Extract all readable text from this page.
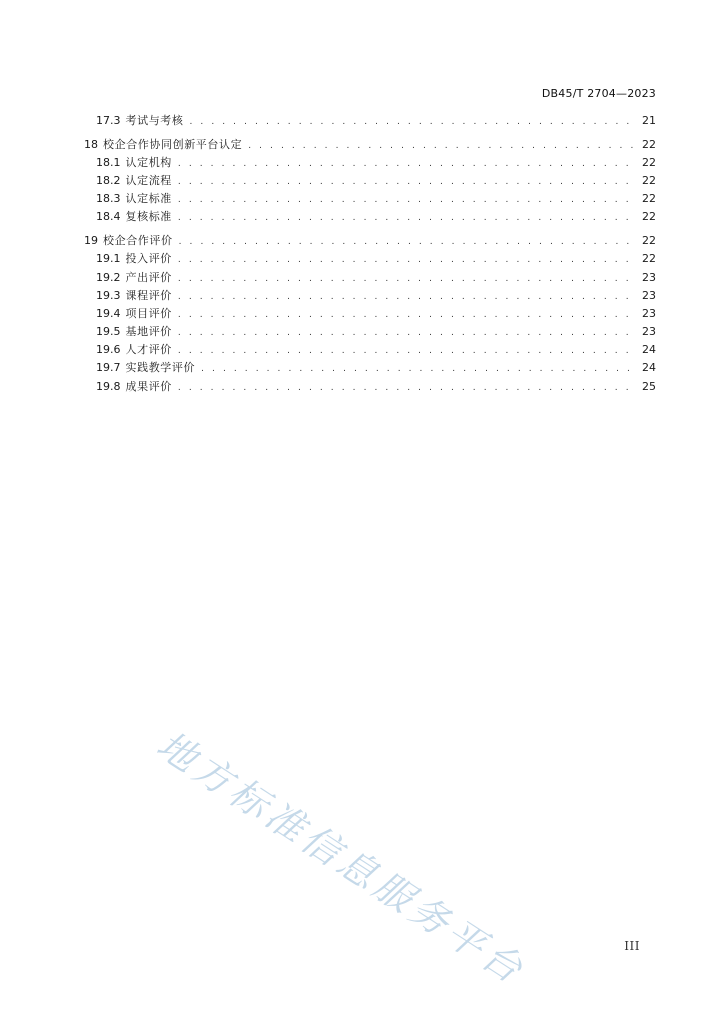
DB45/T 2704—2023
17.3 考试与考核 . . .	21
18 校企合作协同创新平台认定 . . .	22
18.1 认定机构 . . .	22
18.2 认定流程 . . .	22
18.3 认定标准 . . .	22
18.4 复核标准 . . .	22
19 校企合作评价 . . .	22
19.1 投入评价 . . .	22
19.2 产出评价 . . .	23
19.3 课程评价 . . .	23
19.4 项目评价 . . .	23
19.5 基地评价 . . .	23
19.6 人才评价 . . .	24
19.7 实践教学评价 . . .	24
19.8 成果评价 . . .	25
地方标准信息服务平台	III
